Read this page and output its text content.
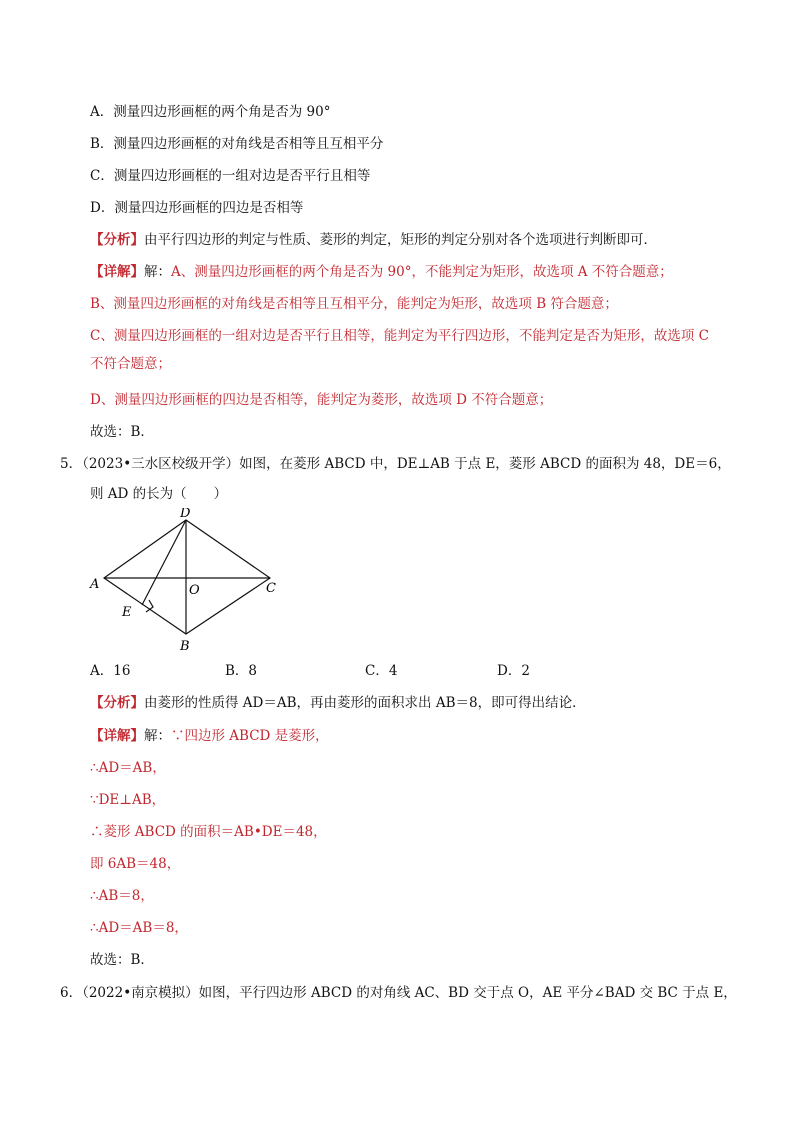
A．测量四边形画框的两个角是否为 90°
B．测量四边形画框的对角线是否相等且互相平分
C．测量四边形画框的一组对边是否平行且相等
D．测量四边形画框的四边是否相等
【分析】由平行四边形的判定与性质、菱形的判定，矩形的判定分别对各个选项进行判断即可．
【详解】解：A、测量四边形画框的两个角是否为 90°，不能判定为矩形，故选项 A 不符合题意；
B、测量四边形画框的对角线是否相等且互相平分，能判定为矩形，故选项 B 符合题意；
C、测量四边形画框的一组对边是否平行且相等，能判定为平行四边形，不能判定是否为矩形，故选项 C
不符合题意；
D、测量四边形画框的四边是否相等，能判定为菱形，故选项 D 不符合题意；
故选：B．
5．（2023•三水区校级开学）如图，在菱形 ABCD 中，DE⊥AB 于点 E，菱形 ABCD 的面积为 48，DE＝6，
则 AD 的长为（　　）
D
A	C
O
E
B
A．16	B．8	C．4	D．2
【分析】由菱形的性质得 AD＝AB，再由菱形的面积求出 AB＝8，即可得出结论．
【详解】解：∵四边形 ABCD 是菱形，
∴AD＝AB，
∵DE⊥AB，
∴菱形 ABCD 的面积＝AB•DE＝48，
即 6AB＝48，
∴AB＝8，
∴AD＝AB＝8，
故选：B．
6．（2022•南京模拟）如图，平行四边形 ABCD 的对角线 AC、BD 交于点 O，AE 平分∠BAD 交 BC 于点 E，
